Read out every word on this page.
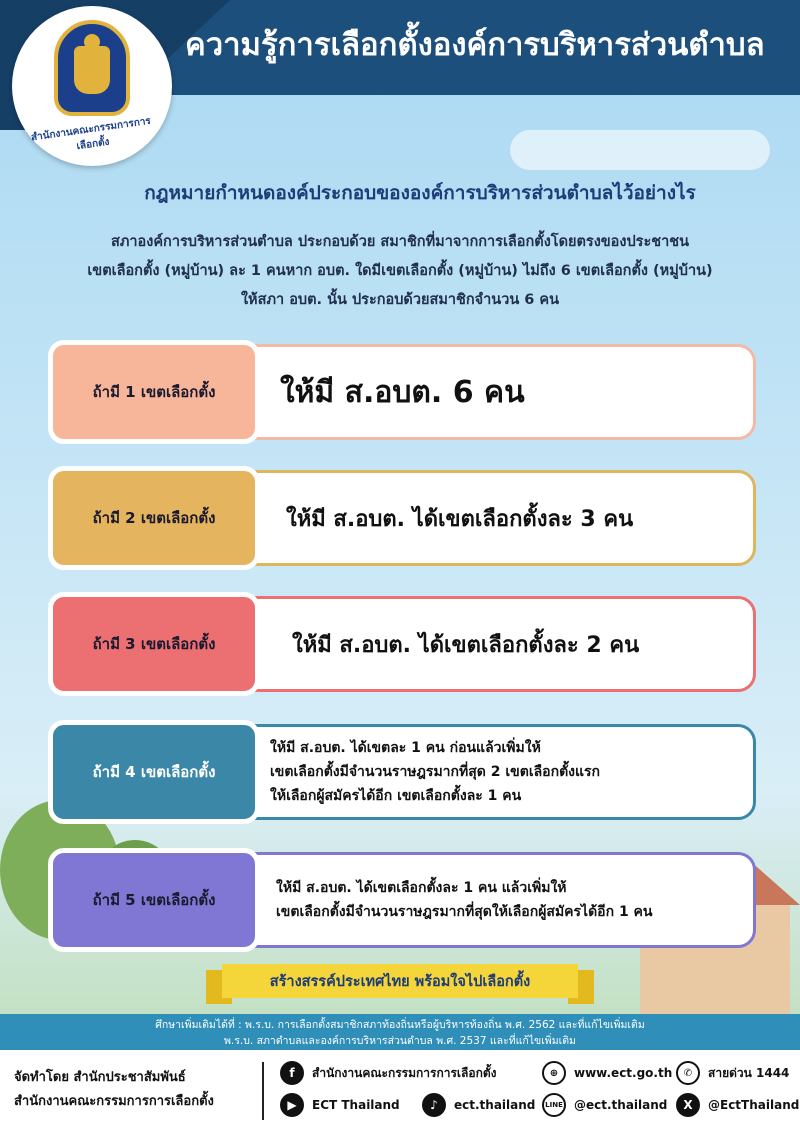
ความรู้การเลือกตั้งองค์การบริหารส่วนตำบล
สำนักงานคณะกรรมการการเลือกตั้ง
กฎหมายกำหนดองค์ประกอบขององค์การบริหารส่วนตำบลไว้อย่างไร
สภาองค์การบริหารส่วนตำบล ประกอบด้วย สมาชิกที่มาจากการเลือกตั้งโดยตรงของประชาชน
เขตเลือกตั้ง (หมู่บ้าน) ละ 1 คนหาก อบต. ใดมีเขตเลือกตั้ง (หมู่บ้าน) ไม่ถึง 6 เขตเลือกตั้ง (หมู่บ้าน)
ให้สภา อบต. นั้น ประกอบด้วยสมาชิกจำนวน 6 คน
ถ้ามี 1 เขตเลือกตั้ง	ให้มี ส.อบต. 6 คน
ถ้ามี 2 เขตเลือกตั้ง	ให้มี ส.อบต. ได้เขตเลือกตั้งละ 3 คน
ถ้ามี 3 เขตเลือกตั้ง	ให้มี ส.อบต. ได้เขตเลือกตั้งละ 2 คน
ถ้ามี 4 เขตเลือกตั้ง
ให้มี ส.อบต. ได้เขตละ 1 คน ก่อนแล้วเพิ่มให้
เขตเลือกตั้งมีจำนวนราษฎรมากที่สุด 2 เขตเลือกตั้งแรก
ให้เลือกผู้สมัครได้อีก เขตเลือกตั้งละ 1 คน
ถ้ามี 5 เขตเลือกตั้ง
ให้มี ส.อบต. ได้เขตเลือกตั้งละ 1 คน แล้วเพิ่มให้
เขตเลือกตั้งมีจำนวนราษฎรมากที่สุดให้เลือกผู้สมัครได้อีก 1 คน
สร้างสรรค์ประเทศไทย พร้อมใจไปเลือกตั้ง
ศึกษาเพิ่มเติมได้ที่ : พ.ร.บ. การเลือกตั้งสมาชิกสภาท้องถิ่นหรือผู้บริหารท้องถิ่น พ.ศ. 2562 และที่แก้ไขเพิ่มเติม
พ.ร.บ. สภาตำบลและองค์การบริหารส่วนตำบล พ.ศ. 2537 และที่แก้ไขเพิ่มเติม
จัดทำโดย สำนักประชาสัมพันธ์
สำนักงานคณะกรรมการการเลือกตั้ง
f	สำนักงานคณะกรรมการการเลือกตั้ง	⊕	www.ect.go.th	✆	สายด่วน 1444
▶	ECT Thailand	♪	ect.thailand	LINE @ect.thailand	X	@EctThailand
